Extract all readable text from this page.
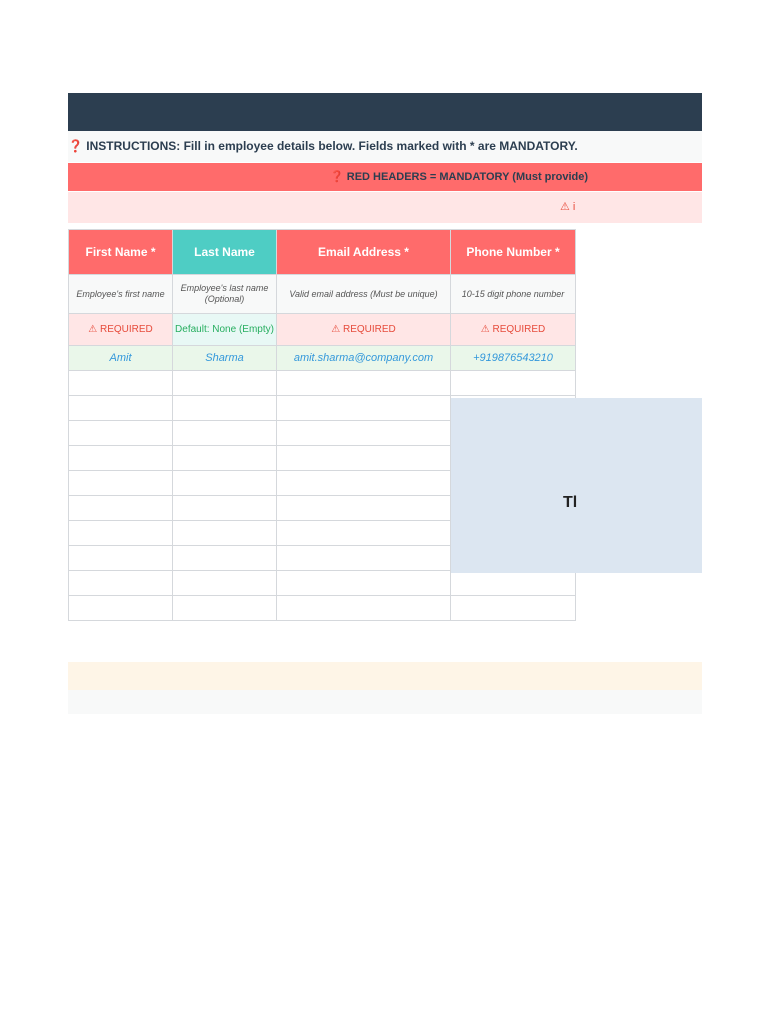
❓ INSTRUCTIONS: Fill in employee details below. Fields marked with * are MANDATORY.
❓ RED HEADERS = MANDATORY (Must provide)
⚠ i
First Name *	Last Name	Email Address *	Phone Number *
Employee's first name	Employee's last name (Optional)	Valid email address (Must be unique)	10-15 digit phone number
⚠ REQUIRED	Default: None (Empty)	⚠ REQUIRED	⚠ REQUIRED
Amit	Sharma	amit.sharma@company.com	+919876543210

Tl
